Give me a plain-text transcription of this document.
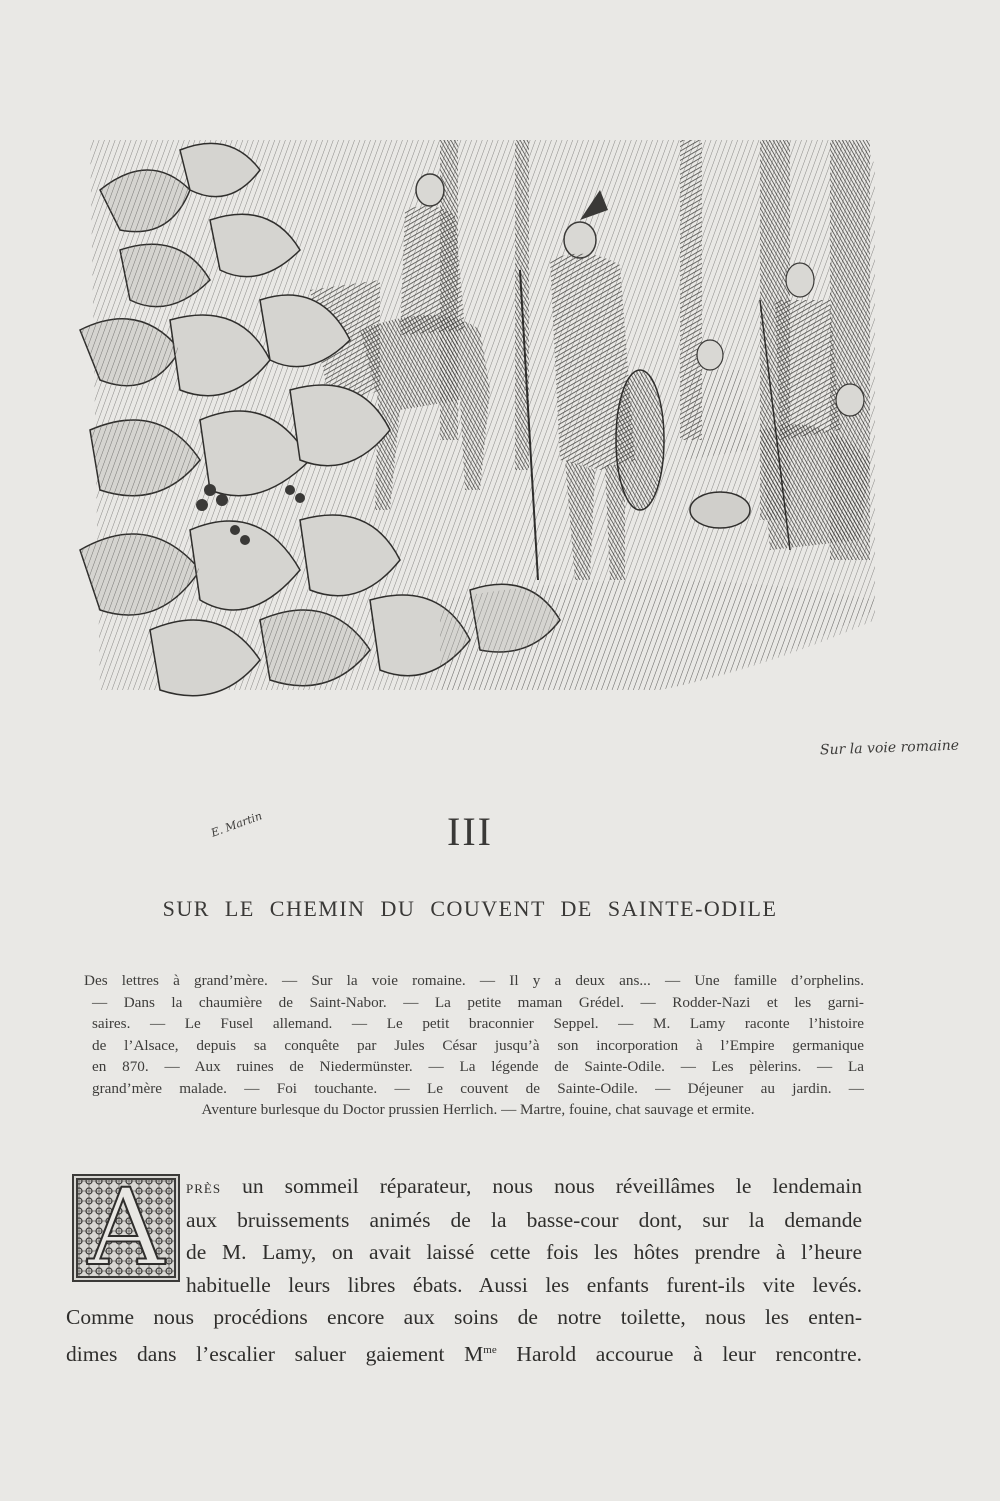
Sur la voie romaine
E. Martin	III
SUR LE CHEMIN DU COUVENT DE SAINTE-ODILE
Des lettres à grand’mère. — Sur la voie romaine. — Il y a deux ans... — Une famille d’orphelins.
— Dans la chaumière de Saint-Nabor. — La petite maman Grédel. — Rodder-Nazi et les garni-
saires. — Le Fusel allemand. — Le petit braconnier Seppel. — M. Lamy raconte l’histoire
de l’Alsace, depuis sa conquête par Jules César jusqu’à son incorporation à l’Empire germanique
en 870. — Aux ruines de Niedermünster. — La légende de Sainte-Odile. — Les pèlerins. — La
grand’mère malade. — Foi touchante. — Le couvent de Sainte-Odile. — Déjeuner au jardin. —
Aventure burlesque du Doctor prussien Herrlich. — Martre, fouine, chat sauvage et ermite.
A	près un sommeil réparateur, nous nous réveillâmes le lendemain
aux bruissements animés de la basse-cour dont, sur la demande
de M. Lamy, on avait laissé cette fois les hôtes prendre à l’heure
habituelle leurs libres ébats. Aussi les enfants furent-ils vite levés.
Comme nous procédions encore aux soins de notre toilette, nous les enten-
dimes dans l’escalier saluer gaiement $M^{me}$ Harold accourue à leur rencontre.
